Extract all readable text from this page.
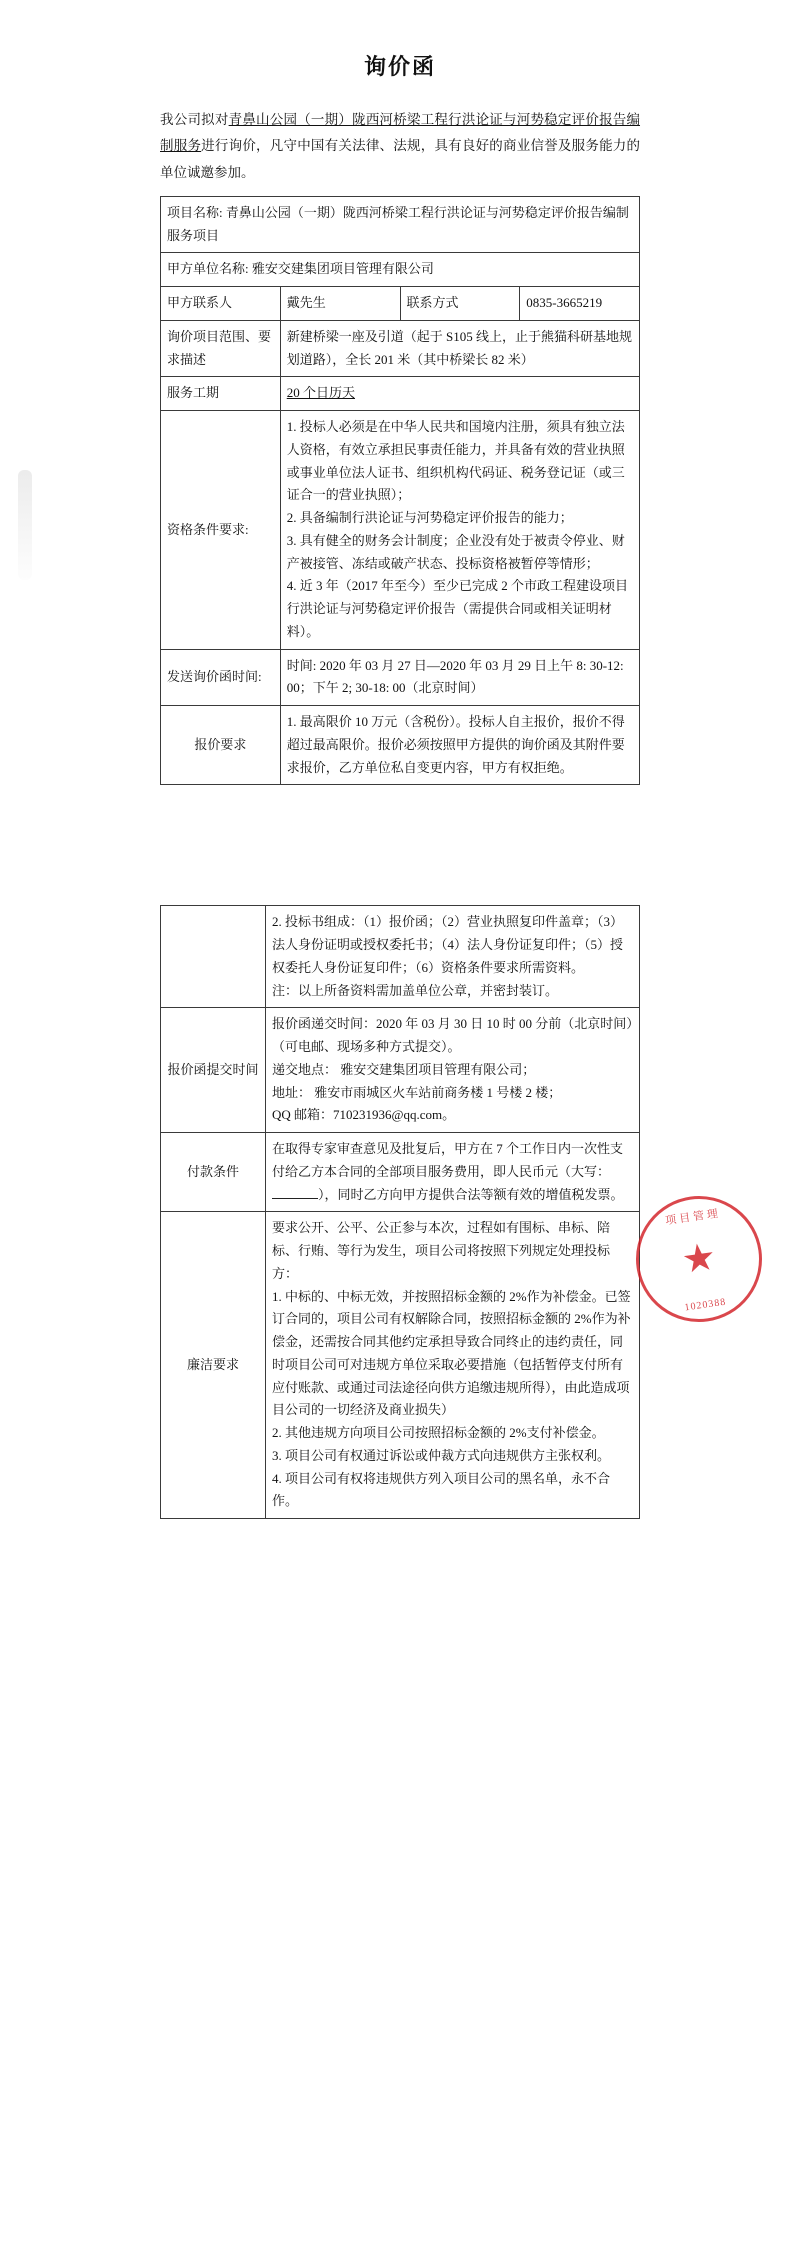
询价函
我公司拟对青鼻山公园（一期）陇西河桥梁工程行洪论证与河势稳定评价报告编制服务进行询价，凡守中国有关法律、法规，具有良好的商业信誉及服务能力的单位诚邀参加。
项目名称: 青鼻山公园（一期）陇西河桥梁工程行洪论证与河势稳定评价报告编制服务项目			
甲方单位名称: 雅安交建集团项目管理有限公司			
甲方联系人	戴先生	联系方式	0835-3665219
询价项目范围、要求描述	新建桥梁一座及引道（起于 S105 线上，止于熊猫科研基地规划道路），全长 201 米（其中桥梁长 82 米）		
服务工期	20 个日历天		
资格条件要求:	1. 投标人必须是在中华人民共和国境内注册，须具有独立法人资格，有效立承担民事责任能力，并具备有效的营业执照或事业单位法人证书、组织机构代码证、税务登记证（或三证合一的营业执照）；

2. 具备编制行洪论证与河势稳定评价报告的能力；

3. 具有健全的财务会计制度；企业没有处于被责令停业、财产被接管、冻结或破产状态、投标资格被暂停等情形；

4. 近 3 年（2017 年至今）至少已完成 2 个市政工程建设项目行洪论证与河势稳定评价报告（需提供合同或相关证明材料）。		

发送询价函时间:	时间: 2020 年 03 月 27 日—2020 年 03 月 29 日上午 8: 30-12: 00；下午 2; 30-18: 00（北京时间）		
报价要求	1. 最高限价 10 万元（含税份）。投标人自主报价，报价不得超过最高限价。报价必须按照甲方提供的询价函及其附件要求报价，乙方单位私自变更内容，甲方有权拒绝。		

	2. 投标书组成：（1）报价函；（2）营业执照复印件盖章；（3）法人身份证明或授权委托书；（4）法人身份证复印件；（5）授权委托人身份证复印件；（6）资格条件要求所需资料。

注：以上所备资料需加盖单位公章，并密封装订。

报价函提交时间	报价函递交时间：2020 年 03 月 30 日 10 时 00 分前（北京时间）（可电邮、现场多种方式提交）。

递交地点： 雅安交建集团项目管理有限公司；

地址： 雅安市雨城区火车站前商务楼 1 号楼 2 楼；

QQ 邮箱：710231936@qq.com。

付款条件	在取得专家审查意见及批复后，甲方在 7 个工作日内一次性支付给乙方本合同的全部项目服务费用，即人民币元（大写：），同时乙方向甲方提供合法等额有效的增值税发票。
廉洁要求	要求公开、公平、公正参与本次，过程如有围标、串标、陪标、行贿、等行为发生，项目公司将按照下列规定处理投标方：

1. 中标的、中标无效，并按照招标金额的 2%作为补偿金。已签订合同的，项目公司有权解除合同，按照招标金额的 2%作为补偿金，还需按合同其他约定承担导致合同终止的违约责任，同时项目公司可对违规方单位采取必要措施（包括暂停支付所有应付账款、或通过司法途径向供方追缴违规所得），由此造成项目公司的一切经济及商业损失）

2. 其他违规方向项目公司按照招标金额的 2%支付补偿金。

3. 项目公司有权通过诉讼或仲裁方式向违规供方主张权利。

4. 项目公司有权将违规供方列入项目公司的黑名单，永不合作。

项目管理
★
1020388
